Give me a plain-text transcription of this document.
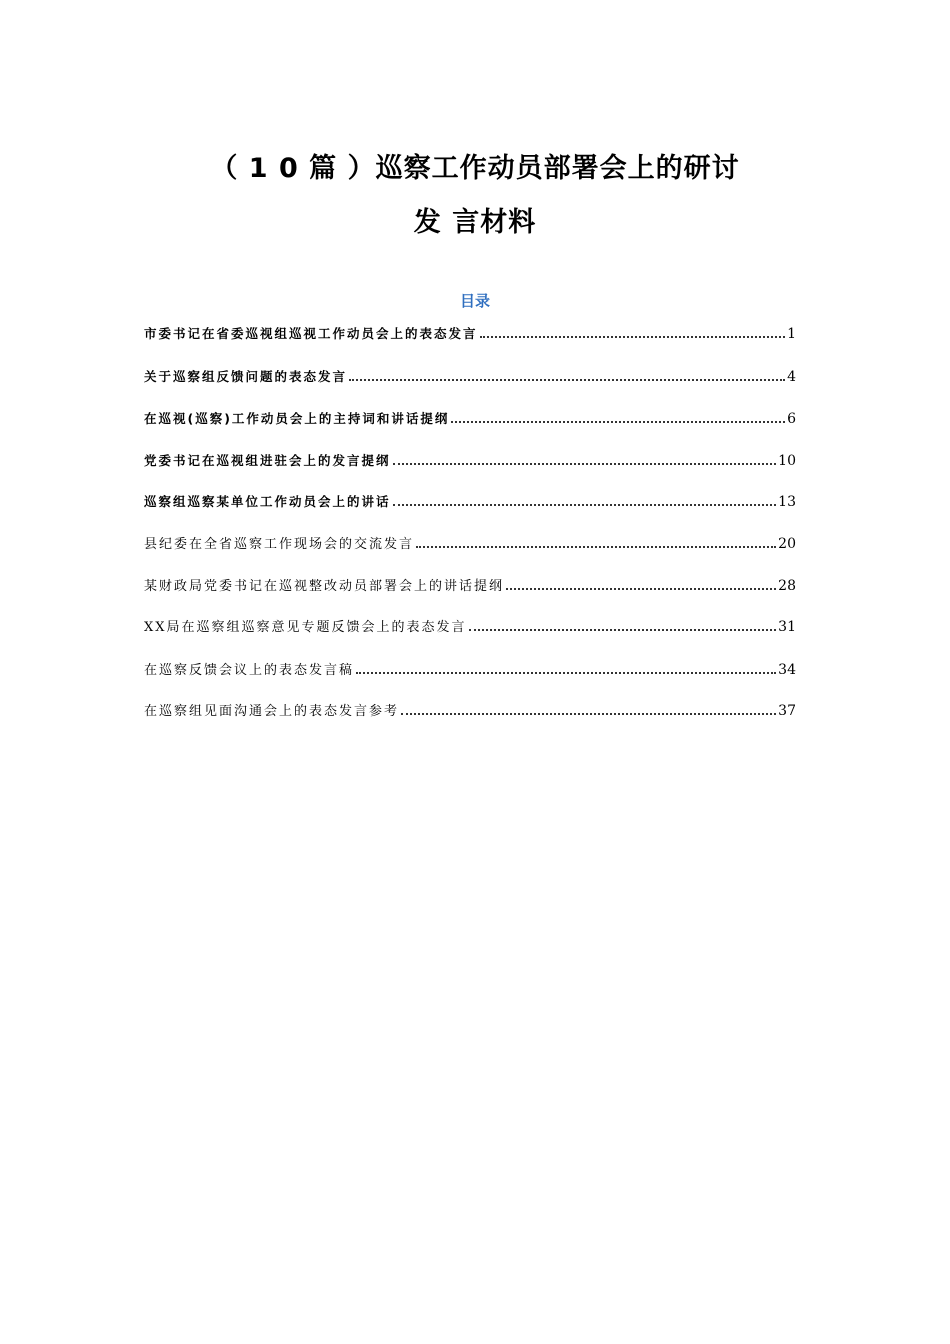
（ 1 0 篇 ）巡察工作动员部署会上的研讨
发 言材料
目录
市委书记在省委巡视组巡视工作动员会上的表态发言	1
关于巡察组反馈问题的表态发言	4
在巡视(巡察)工作动员会上的主持词和讲话提纲	6
党委书记在巡视组进驻会上的发言提纲	10
巡察组巡察某单位工作动员会上的讲话	13
县纪委在全省巡察工作现场会的交流发言	20
某财政局党委书记在巡视整改动员部署会上的讲话提纲	28
XX局在巡察组巡察意见专题反馈会上的表态发言	31
在巡察反馈会议上的表态发言稿	34
在巡察组见面沟通会上的表态发言参考	37
